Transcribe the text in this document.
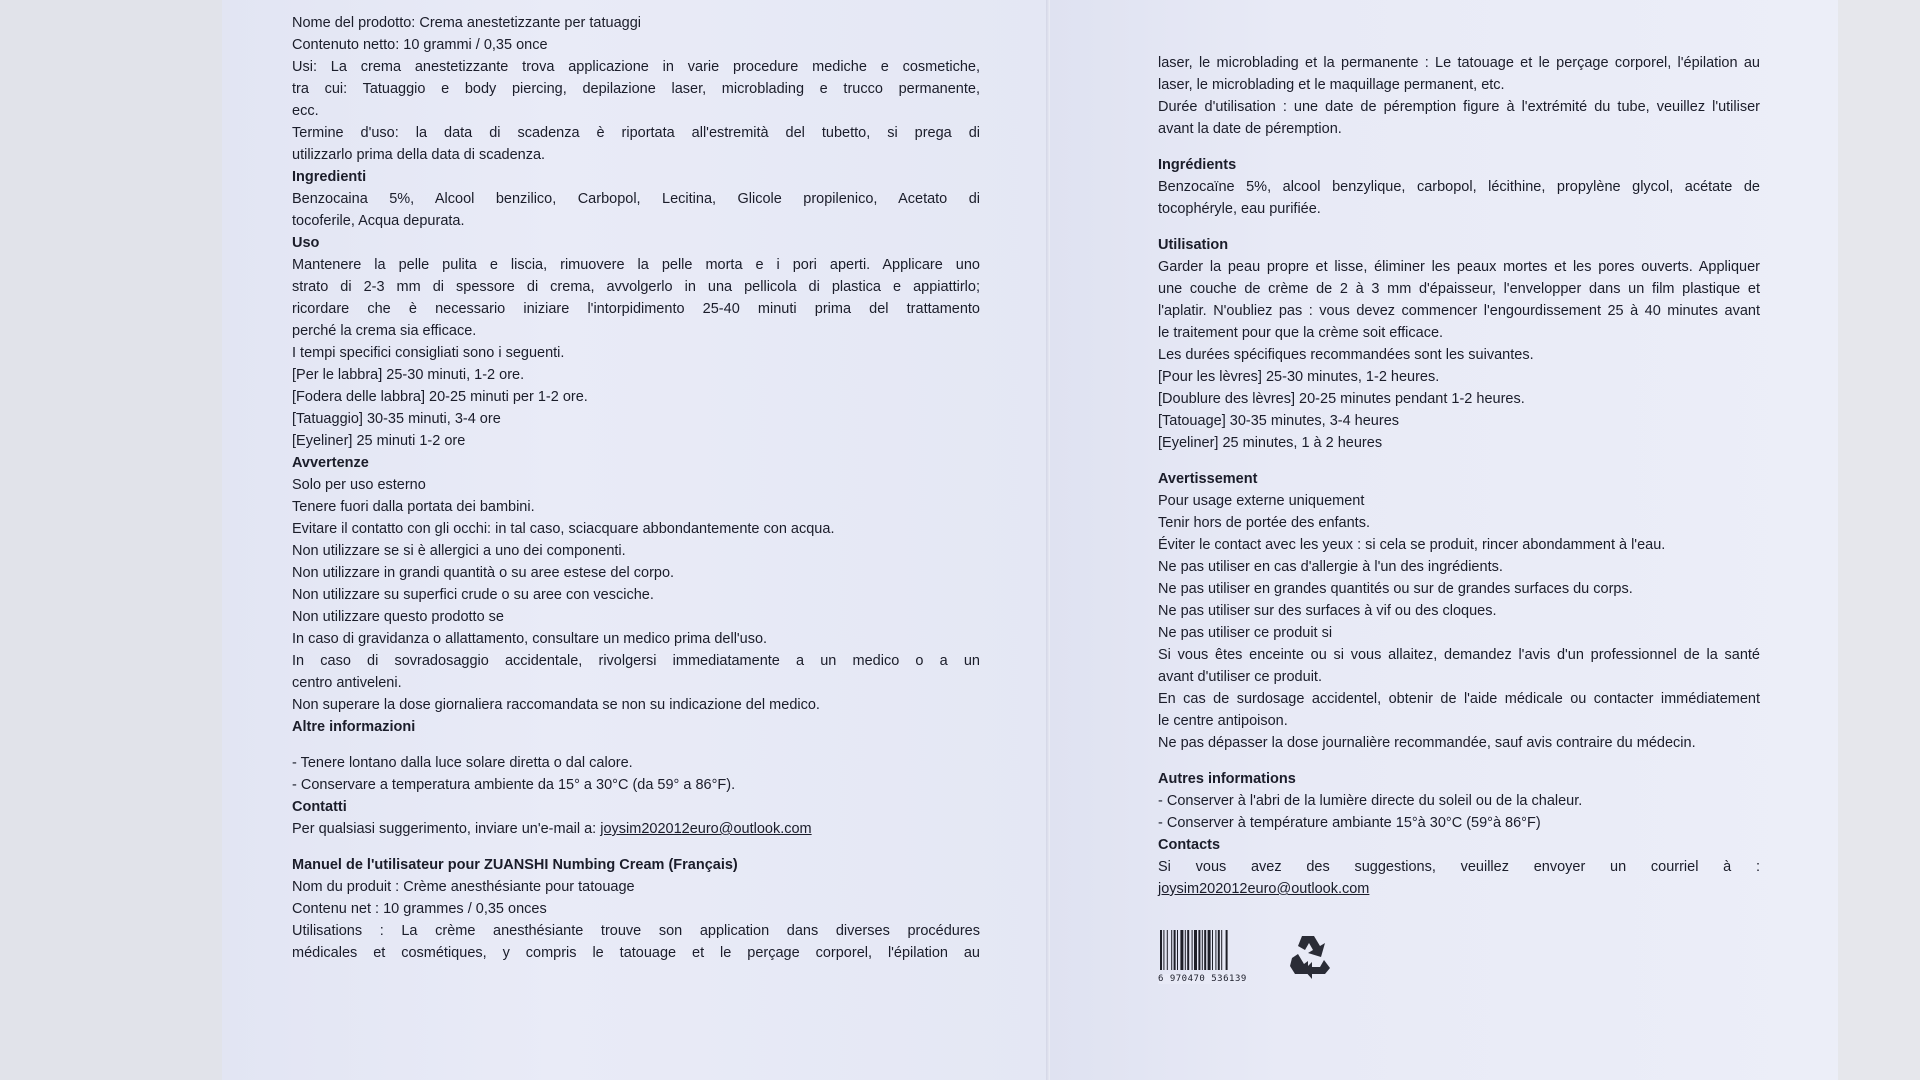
Nome del prodotto: Crema anestetizzante per tatuaggi

Contenuto netto: 10 grammi / 0,35 once

Usi: La crema anestetizzante trova applicazione in varie procedure mediche e cosmetiche,

tra cui: Tatuaggio e body piercing, depilazione laser, microblading e trucco permanente,

ecc.

Termine d'uso: la data di scadenza è riportata all'estremità del tubetto, si prega di

utilizzarlo prima della data di scadenza.

Ingredienti

Benzocaina 5%, Alcool benzilico, Carbopol, Lecitina, Glicole propilenico, Acetato di

tocoferile, Acqua depurata.

Uso

Mantenere la pelle pulita e liscia, rimuovere la pelle morta e i pori aperti. Applicare uno

strato di 2-3 mm di spessore di crema, avvolgerlo in una pellicola di plastica e appiattirlo;

ricordare che è necessario iniziare l'intorpidimento 25-40 minuti prima del trattamento

perché la crema sia efficace.

I tempi specifici consigliati sono i seguenti.

[Per le labbra] 25-30 minuti, 1-2 ore.

[Fodera delle labbra] 20-25 minuti per 1-2 ore.

[Tatuaggio] 30-35 minuti, 3-4 ore

[Eyeliner] 25 minuti 1-2 ore

Avvertenze

Solo per uso esterno

Tenere fuori dalla portata dei bambini.

Evitare il contatto con gli occhi: in tal caso, sciacquare abbondantemente con acqua.

Non utilizzare se si è allergici a uno dei componenti.

Non utilizzare in grandi quantità o su aree estese del corpo.

Non utilizzare su superfici crude o su aree con vesciche.

Non utilizzare questo prodotto se

In caso di gravidanza o allattamento, consultare un medico prima dell'uso.

In caso di sovradosaggio accidentale, rivolgersi immediatamente a un medico o a un

centro antiveleni.

Non superare la dose giornaliera raccomandata se non su indicazione del medico.

Altre informazioni

- Tenere lontano dalla luce solare diretta o dal calore.

- Conservare a temperatura ambiente da 15° a 30°C (da 59° a 86°F).

Contatti

Per qualsiasi suggerimento, inviare un'e-mail a: joysim202012euro@outlook.com

Manuel de l'utilisateur pour ZUANSHI Numbing Cream (Français)

Nom du produit : Crème anesthésiante pour tatouage

Contenu net : 10 grammes / 0,35 onces

Utilisations : La crème anesthésiante trouve son application dans diverses procédures

médicales et cosmétiques, y compris le tatouage et le perçage corporel, l'épilation au

laser, le microblading et la permanente : Le tatouage et le perçage corporel, l'épilation au

laser, le microblading et le maquillage permanent, etc.

Durée d'utilisation : une date de péremption figure à l'extrémité du tube, veuillez l'utiliser

avant la date de péremption.

Ingrédients

Benzocaïne 5%, alcool benzylique, carbopol, lécithine, propylène glycol, acétate de

tocophéryle, eau purifiée.

Utilisation

Garder la peau propre et lisse, éliminer les peaux mortes et les pores ouverts. Appliquer

une couche de crème de 2 à 3 mm d'épaisseur, l'envelopper dans un film plastique et

l'aplatir. N'oubliez pas : vous devez commencer l'engourdissement 25 à 40 minutes avant

le traitement pour que la crème soit efficace.

Les durées spécifiques recommandées sont les suivantes.

[Pour les lèvres] 25-30 minutes, 1-2 heures.

[Doublure des lèvres] 20-25 minutes pendant 1-2 heures.

[Tatouage] 30-35 minutes, 3-4 heures

[Eyeliner] 25 minutes, 1 à 2 heures

Avertissement

Pour usage externe uniquement

Tenir hors de portée des enfants.

Éviter le contact avec les yeux : si cela se produit, rincer abondamment à l'eau.

Ne pas utiliser en cas d'allergie à l'un des ingrédients.

Ne pas utiliser en grandes quantités ou sur de grandes surfaces du corps.

Ne pas utiliser sur des surfaces à vif ou des cloques.

Ne pas utiliser ce produit si

Si vous êtes enceinte ou si vous allaitez, demandez l'avis d'un professionnel de la santé

avant d'utiliser ce produit.

En cas de surdosage accidentel, obtenir de l'aide médicale ou contacter immédiatement

le centre antipoison.

Ne pas dépasser la dose journalière recommandée, sauf avis contraire du médecin.

Autres informations

- Conserver à l'abri de la lumière directe du soleil ou de la chaleur.

- Conserver à température ambiante 15°à 30°C (59°à 86°F)

Contacts

Si vous avez des suggestions, veuillez envoyer un courriel à :

joysim202012euro@outlook.com

6 970470 536139
